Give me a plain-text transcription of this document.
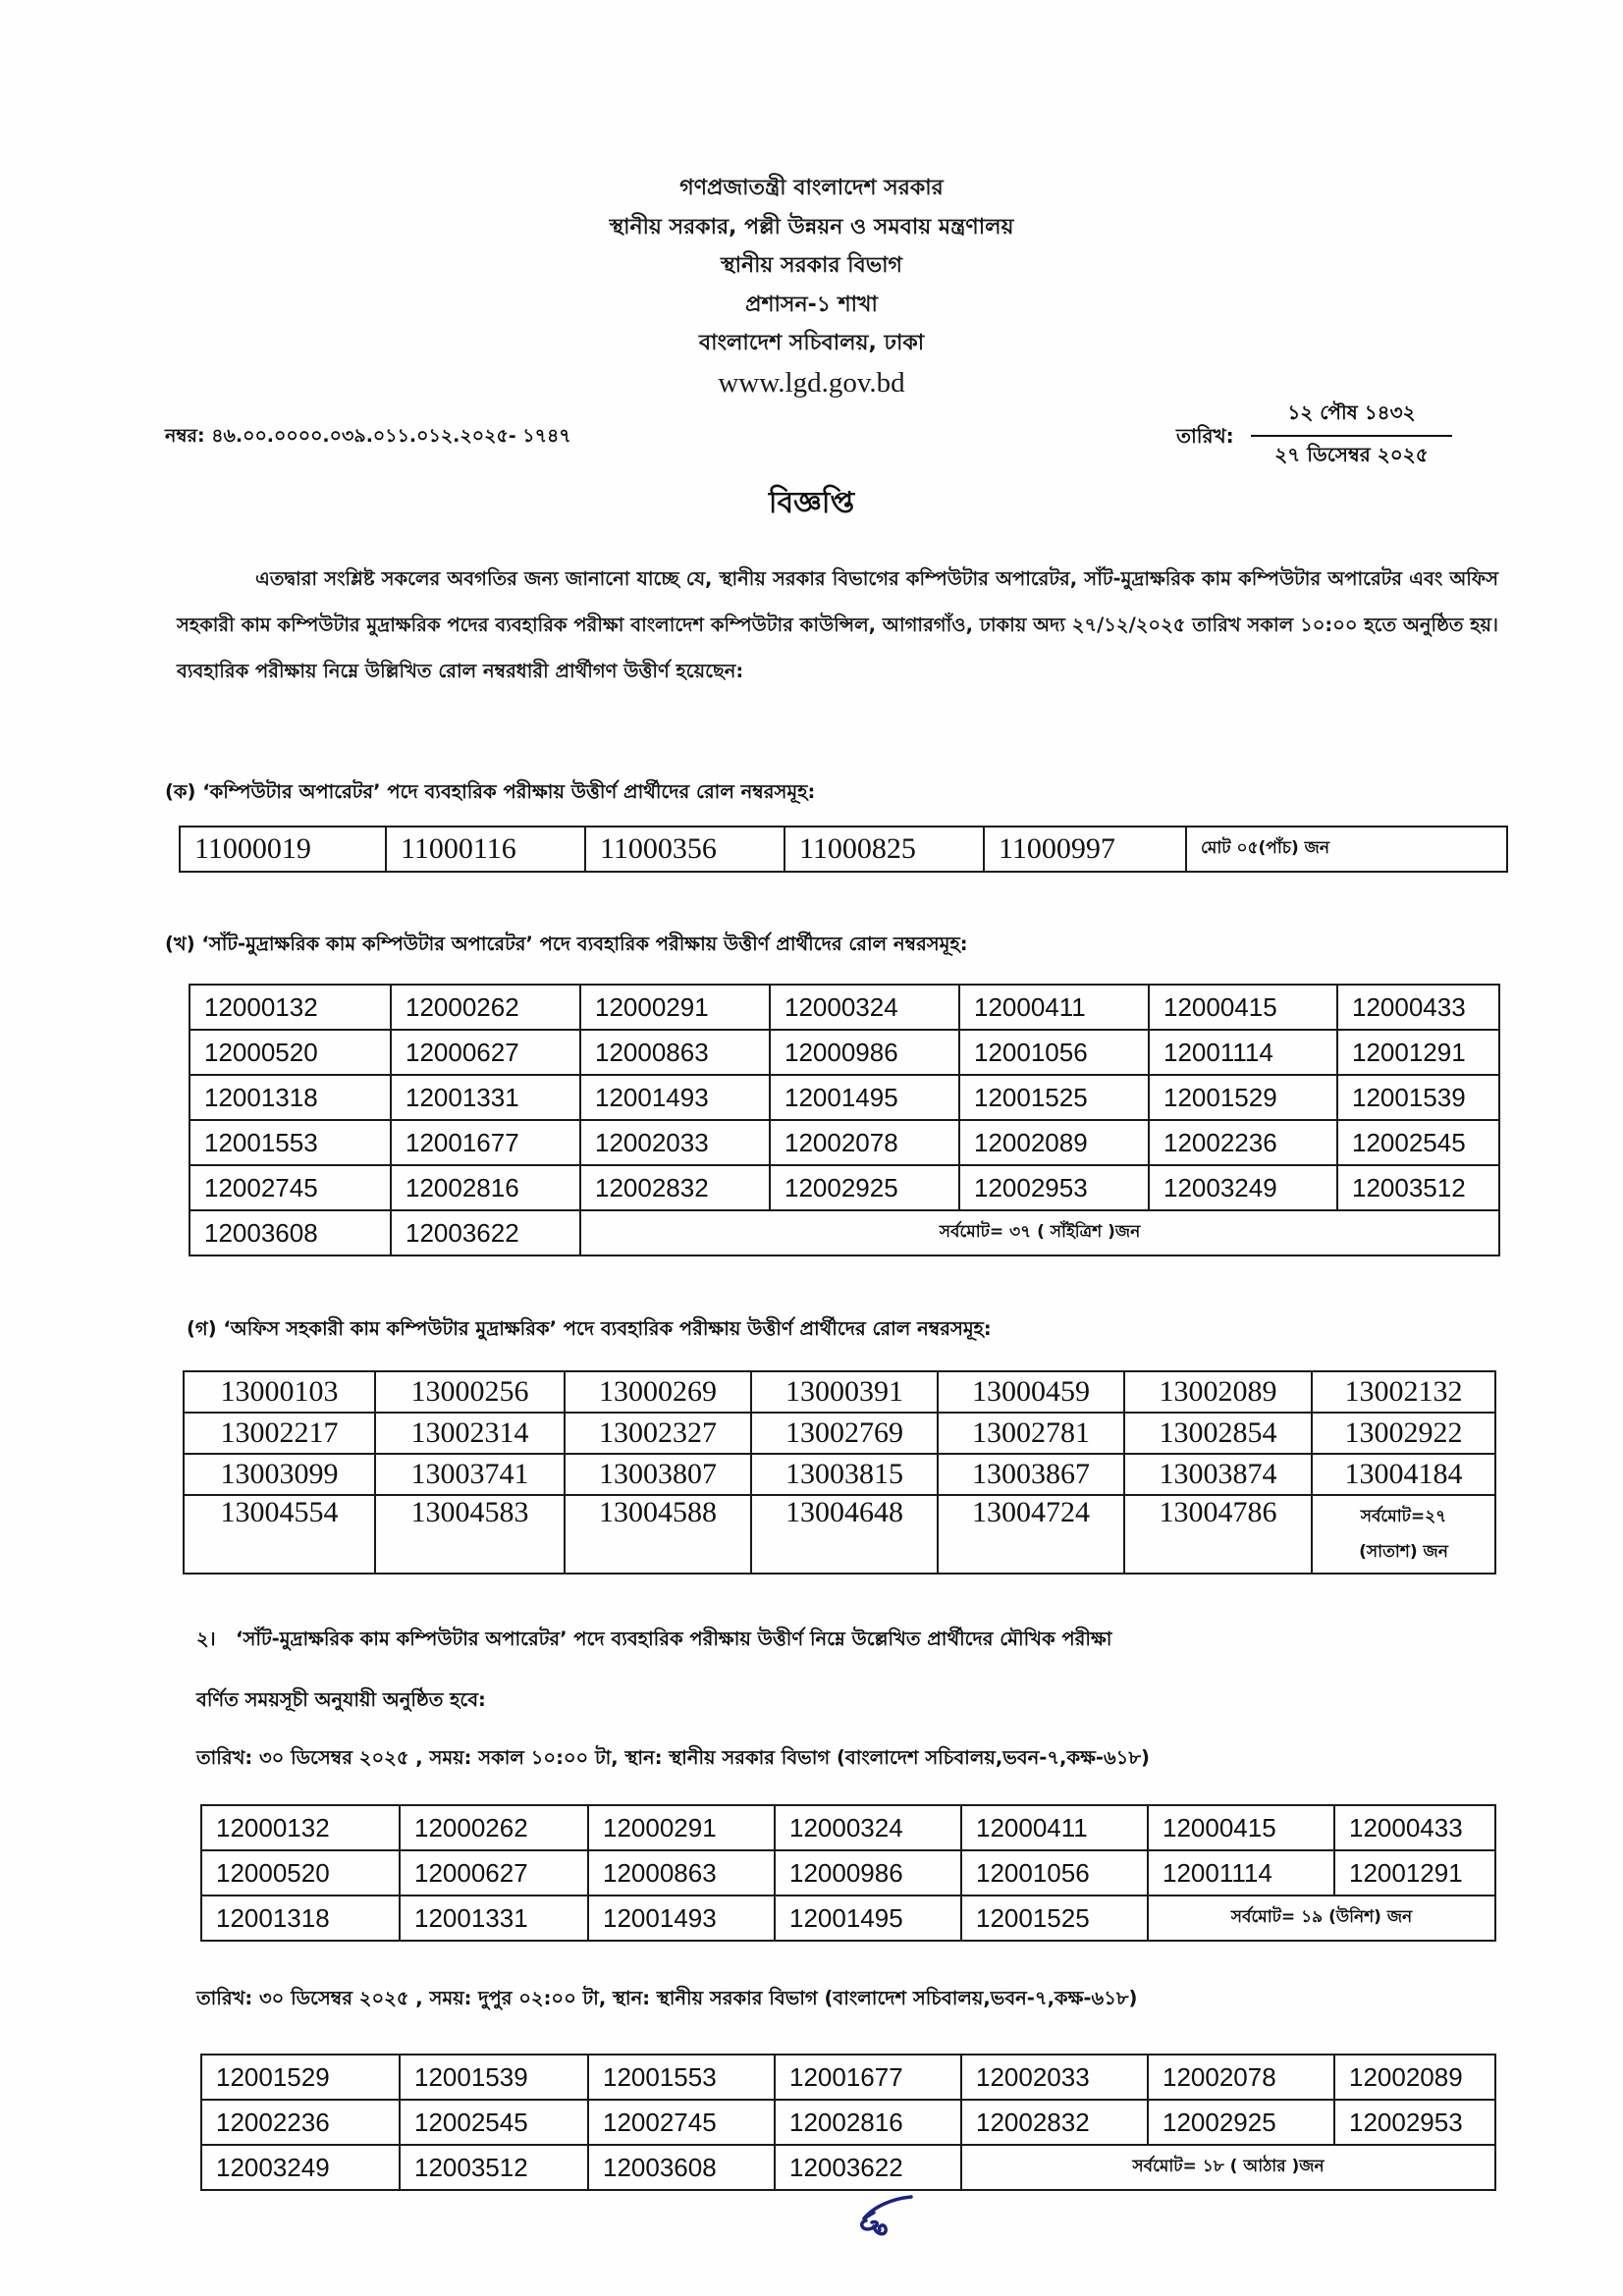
গণপ্রজাতন্ত্রী বাংলাদেশ সরকার
স্থানীয় সরকার, পল্লী উন্নয়ন ও সমবায় মন্ত্রণালয়
স্থানীয় সরকার বিভাগ
প্রশাসন-১ শাখা
বাংলাদেশ সচিবালয়, ঢাকা
www.lgd.gov.bd
নম্বর: ৪৬.০০.০০০০.০৩৯.০১১.০১২.২০২৫- ১৭৪৭	তারিখ:
১২ পৌষ ১৪৩২
২৭ ডিসেম্বর ২০২৫
বিজ্ঞপ্তি
এতদ্বারা সংশ্লিষ্ট সকলের অবগতির জন্য জানানো যাচ্ছে যে, স্থানীয় সরকার বিভাগের কম্পিউটার অপারেটর, সাঁট-মুদ্রাক্ষরিক কাম কম্পিউটার অপারেটর এবং অফিস সহকারী কাম কম্পিউটার মুদ্রাক্ষরিক পদের ব্যবহারিক পরীক্ষা বাংলাদেশ কম্পিউটার কাউন্সিল, আগারগাঁও, ঢাকায় অদ্য ২৭/১২/২০২৫ তারিখ সকাল ১০:০০ হতে অনুষ্ঠিত হয়। ব্যবহারিক পরীক্ষায় নিম্নে উল্লিখিত রোল নম্বরধারী প্রার্থীগণ উত্তীর্ণ হয়েছেন:
(ক) ‘কম্পিউটার অপারেটর’ পদে ব্যবহারিক পরীক্ষায় উত্তীর্ণ প্রার্থীদের রোল নম্বরসমূহ:
11000019	11000116	11000356	11000825	11000997	মোট ০৫(পাঁচ) জন
(খ) ‘সাঁট-মুদ্রাক্ষরিক কাম কম্পিউটার অপারেটর’ পদে ব্যবহারিক পরীক্ষায় উত্তীর্ণ প্রার্থীদের রোল নম্বরসমূহ:
12000132	12000262	12000291	12000324	12000411	12000415	12000433
12000520	12000627	12000863	12000986	12001056	12001114	12001291
12001318	12001331	12001493	12001495	12001525	12001529	12001539
12001553	12001677	12002033	12002078	12002089	12002236	12002545
12002745	12002816	12002832	12002925	12002953	12003249	12003512
12003608	12003622	সর্বমোট= ৩৭ ( সাঁইত্রিশ )জন				
(গ) ‘অফিস সহকারী কাম কম্পিউটার মুদ্রাক্ষরিক’ পদে ব্যবহারিক পরীক্ষায় উত্তীর্ণ প্রার্থীদের রোল নম্বরসমূহ:
13000103	13000256	13000269	13000391	13000459	13002089	13002132
13002217	13002314	13002327	13002769	13002781	13002854	13002922
13003099	13003741	13003807	13003815	13003867	13003874	13004184
13004554	13004583	13004588	13004648	13004724	13004786	সর্বমোট=২৭
(সাতাশ) জন
২। ‘সাঁট-মুদ্রাক্ষরিক কাম কম্পিউটার অপারেটর’ পদে ব্যবহারিক পরীক্ষায় উত্তীর্ণ নিম্নে উল্লেখিত প্রার্থীদের মৌখিক পরীক্ষা
বর্ণিত সময়সূচী অনুযায়ী অনুষ্ঠিত হবে:
তারিখ: ৩০ ডিসেম্বর ২০২৫ , সময়: সকাল ১০:০০ টা, স্থান: স্থানীয় সরকার বিভাগ (বাংলাদেশ সচিবালয়,ভবন-৭,কক্ষ-৬১৮)
12000132	12000262	12000291	12000324	12000411	12000415	12000433
12000520	12000627	12000863	12000986	12001056	12001114	12001291
12001318	12001331	12001493	12001495	12001525	সর্বমোট= ১৯ (উনিশ) জন	
তারিখ: ৩০ ডিসেম্বর ২০২৫ , সময়: দুপুর ০২:০০ টা, স্থান: স্থানীয় সরকার বিভাগ (বাংলাদেশ সচিবালয়,ভবন-৭,কক্ষ-৬১৮)
12001529	12001539	12001553	12001677	12002033	12002078	12002089
12002236	12002545	12002745	12002816	12002832	12002925	12002953
12003249	12003512	12003608	12003622	সর্বমোট= ১৮ ( আঠার )জন		
